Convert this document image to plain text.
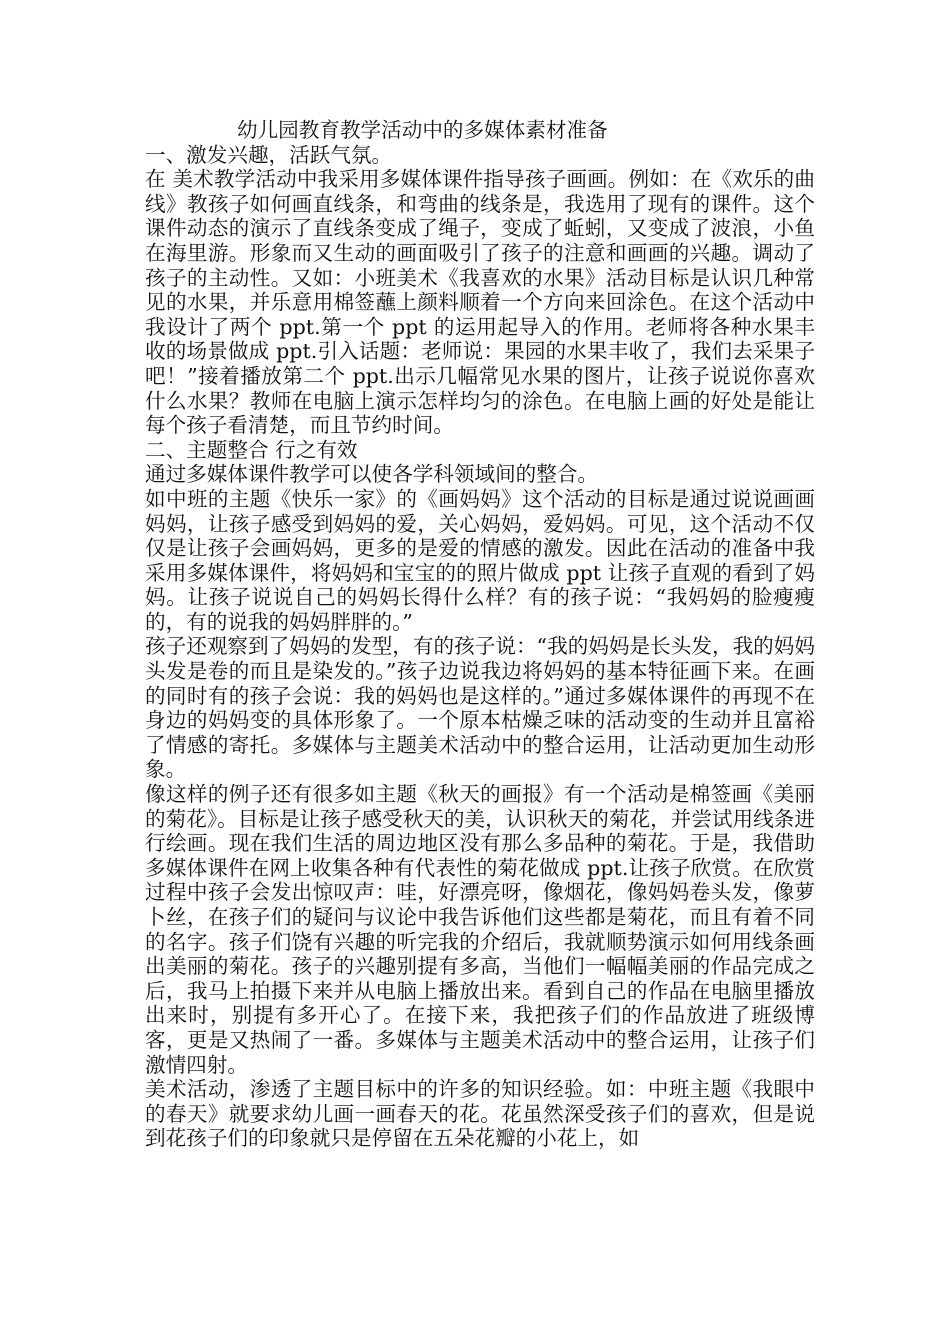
幼儿园教育教学活动中的多媒体素材准备
一、激发兴趣，活跃气氛。

在 美术教学活动中我采用多媒体课件指导孩子画画。例如：在《欢乐的曲线》教孩子如何画直线条，和弯曲的线条是，我选用了现有的课件。这个课件动态的演示了直线条变成了绳子，变成了蚯蚓，又变成了波浪，小鱼在海里游。形象而又生动的画面吸引了孩子的注意和画画的兴趣。调动了孩子的主动性。又如：小班美术《我喜欢的水果》活动目标是认识几种常见的水果，并乐意用棉签蘸上颜料顺着一个方向来回涂色。在这个活动中我设计了两个 ppt.第一个 ppt 的运用起导入的作用。老师将各种水果丰收的场景做成 ppt.引入话题：老师说：果园的水果丰收了，我们去采果子吧！”接着播放第二个 ppt.出示几幅常见水果的图片，让孩子说说你喜欢什么水果？教师在电脑上演示怎样均匀的涂色。在电脑上画的好处是能让每个孩子看清楚，而且节约时间。

二、主题整合 行之有效

通过多媒体课件教学可以使各学科领域间的整合。

如中班的主题《快乐一家》的《画妈妈》这个活动的目标是通过说说画画妈妈，让孩子感受到妈妈的爱，关心妈妈，爱妈妈。可见，这个活动不仅仅是让孩子会画妈妈，更多的是爱的情感的激发。因此在活动的准备中我采用多媒体课件，将妈妈和宝宝的的照片做成 ppt 让孩子直观的看到了妈妈。让孩子说说自己的妈妈长得什么样？有的孩子说：“我妈妈的脸瘦瘦的，有的说我的妈妈胖胖的。”

孩子还观察到了妈妈的发型，有的孩子说：“我的妈妈是长头发，我的妈妈头发是卷的而且是染发的。”孩子边说我边将妈妈的基本特征画下来。在画的同时有的孩子会说：我的妈妈也是这样的。”通过多媒体课件的再现不在身边的妈妈变的具体形象了。一个原本枯燥乏味的活动变的生动并且富裕了情感的寄托。多媒体与主题美术活动中的整合运用，让活动更加生动形象。

像这样的例子还有很多如主题《秋天的画报》有一个活动是棉签画《美丽的菊花》。目标是让孩子感受秋天的美，认识秋天的菊花，并尝试用线条进行绘画。现在我们生活的周边地区没有那么多品种的菊花。于是，我借助多媒体课件在网上收集各种有代表性的菊花做成 ppt.让孩子欣赏。在欣赏过程中孩子会发出惊叹声：哇，好漂亮呀，像烟花，像妈妈卷头发，像萝卜丝，在孩子们的疑问与议论中我告诉他们这些都是菊花，而且有着不同的名字。孩子们饶有兴趣的听完我的介绍后，我就顺势演示如何用线条画出美丽的菊花。孩子的兴趣别提有多高，当他们一幅幅美丽的作品完成之后，我马上拍摄下来并从电脑上播放出来。看到自己的作品在电脑里播放出来时，别提有多开心了。在接下来，我把孩子们的作品放进了班级博客，更是又热闹了一番。多媒体与主题美术活动中的整合运用，让孩子们激情四射。

美术活动，渗透了主题目标中的许多的知识经验。如：中班主题《我眼中的春天》就要求幼儿画一画春天的花。花虽然深受孩子们的喜欢，但是说到花孩子们的印象就只是停留在五朵花瓣的小花上，如
